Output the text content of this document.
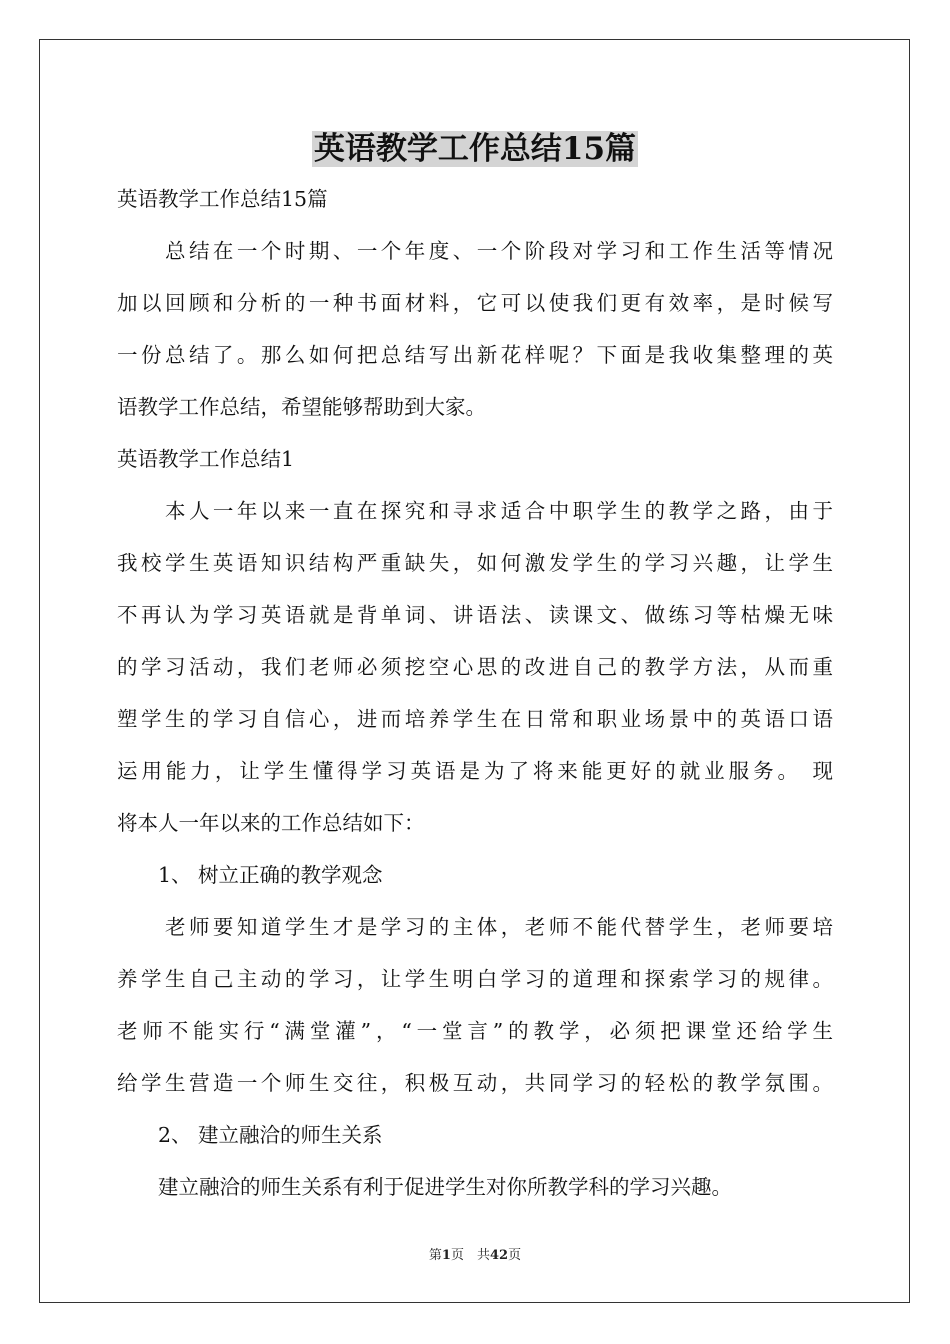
英语教学工作总结15篇
英语教学工作总结15篇
　　总结在一个时期、一个年度、一个阶段对学习和工作生活等情况
加以回顾和分析的一种书面材料，它可以使我们更有效率，是时候写
一份总结了。那么如何把总结写出新花样呢？下面是我收集整理的英
语教学工作总结，希望能够帮助到大家。
英语教学工作总结1
　　本人一年以来一直在探究和寻求适合中职学生的教学之路，由于
我校学生英语知识结构严重缺失，如何激发学生的学习兴趣，让学生
不再认为学习英语就是背单词、讲语法、读课文、做练习等枯燥无味
的学习活动，我们老师必须挖空心思的改进自己的教学方法，从而重
塑学生的学习自信心，进而培养学生在日常和职业场景中的英语口语
运用能力，让学生懂得学习英语是为了将来能更好的就业服务。 现
将本人一年以来的工作总结如下：
　　1、 树立正确的教学观念
　　老师要知道学生才是学习的主体，老师不能代替学生，老师要培
养学生自己主动的学习，让学生明白学习的道理和探索学习的规律。
老师不能实行“满堂灌”，“一堂言”的教学，必须把课堂还给学生
给学生营造一个师生交往，积极互动，共同学习的轻松的教学氛围。
　　2、 建立融洽的师生关系
　　建立融洽的师生关系有利于促进学生对你所教学科的学习兴趣。
第1页　共42页
